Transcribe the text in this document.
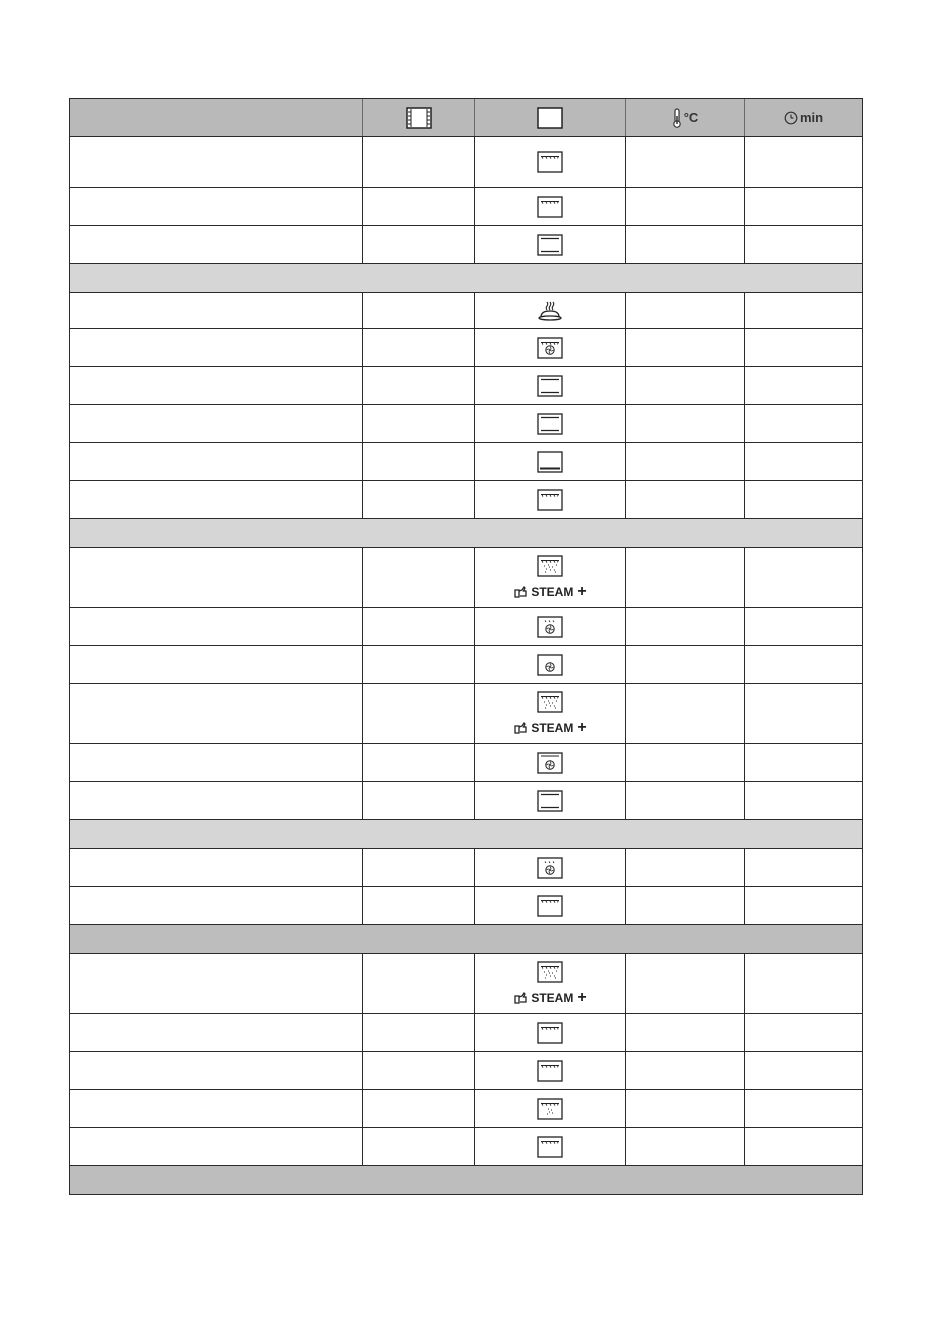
°C	min
STEAM +
STEAM +
STEAM +
